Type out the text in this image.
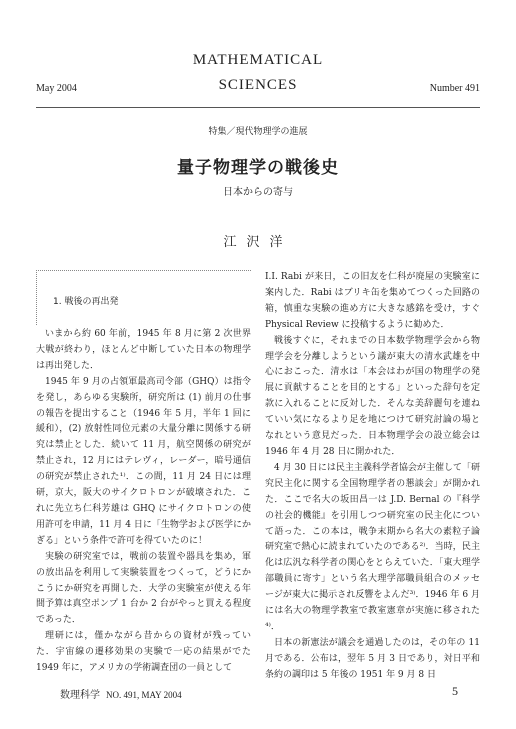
MATHEMATICAL
SCIENCES
May 2004	Number 491
特集／現代物理学の進展
量子物理学の戦後史
日本からの寄与
江沢洋
1. 戦後の再出発

いまから約 60 年前，1945 年 8 月に第 2 次世界大戦が終わり，ほとんど中断していた日本の物理学は再出発した．

1945 年 9 月の占領軍最高司令部（GHQ）は指令を発し，あらゆる実験所，研究所は (1) 前月の仕事の報告を提出すること（1946 年 5 月，半年 1 回に緩和），(2) 放射性同位元素の大量分離に関係する研究は禁止とした．続いて 11 月，航空関係の研究が禁止され，12 月にはテレヴィ，レーダー，暗号通信の研究が禁止された¹⁾．この間，11 月 24 日には理研，京大，阪大のサイクロトロンが破壊された．これに先立ち仁科芳雄は GHQ にサイクロトロンの使用許可を申請，11 月 4 日に「生物学および医学にかぎる」という条件で許可を得ていたのに！

実験の研究室では，戦前の装置や器具を集め，軍の放出品を利用して実験装置をつくって，どうにかこうにか研究を再開した．大学の実験室が使える年間予算は真空ポンプ 1 台か 2 台がやっと買える程度であった．

理研には，僅かながら昔からの資材が残っていた．宇宙線の遷移効果の実験で一応の結果がでた 1949 年に，アメリカの学術調査団の一員として

I.I. Rabi が来日，この旧友を仁科が廃屋の実験室に案内した．Rabi はブリキ缶を集めてつくった回路の箱，慎重な実験の進め方に大きな感銘を受け，すぐ Physical Review に投稿するように勧めた．

戦後すぐに，それまでの日本数学物理学会から物理学会を分離しようという議が東大の清水武雄を中心におこった．清水は「本会はわが国の物理学の発展に貢献することを目的とする」といった辞句を定款に入れることに反対した．そんな美辞麗句を連ねていい気になるより足を地につけて研究討論の場となれという意見だった．日本物理学会の設立総会は 1946 年 4 月 28 日に開かれた．

4 月 30 日には民主主義科学者協会が主催して「研究民主化に関する全国物理学者の懇談会」が開かれた．ここで名大の坂田昌一は J.D. Bernal の『科学の社会的機能』を引用しつつ研究室の民主化について語った．この本は，戦争末期から名大の素粒子論研究室で熱心に読まれていたのである²⁾．当時，民主化は広汎な科学者の関心をとらえていた．「東大理学部職員に寄す」という名大理学部職員組合のメッセージが東大に掲示され反響をよんだ³⁾．1946 年 6 月には名大の物理学教室で教室憲章が実施に移された⁴⁾．

日本の新憲法が議会を通過したのは，その年の 11 月である．公布は，翌年 5 月 3 日であり，対日平和条約の調印は 5 年後の 1951 年 9 月 8 日

数理科学 NO. 491, MAY 2004	5
